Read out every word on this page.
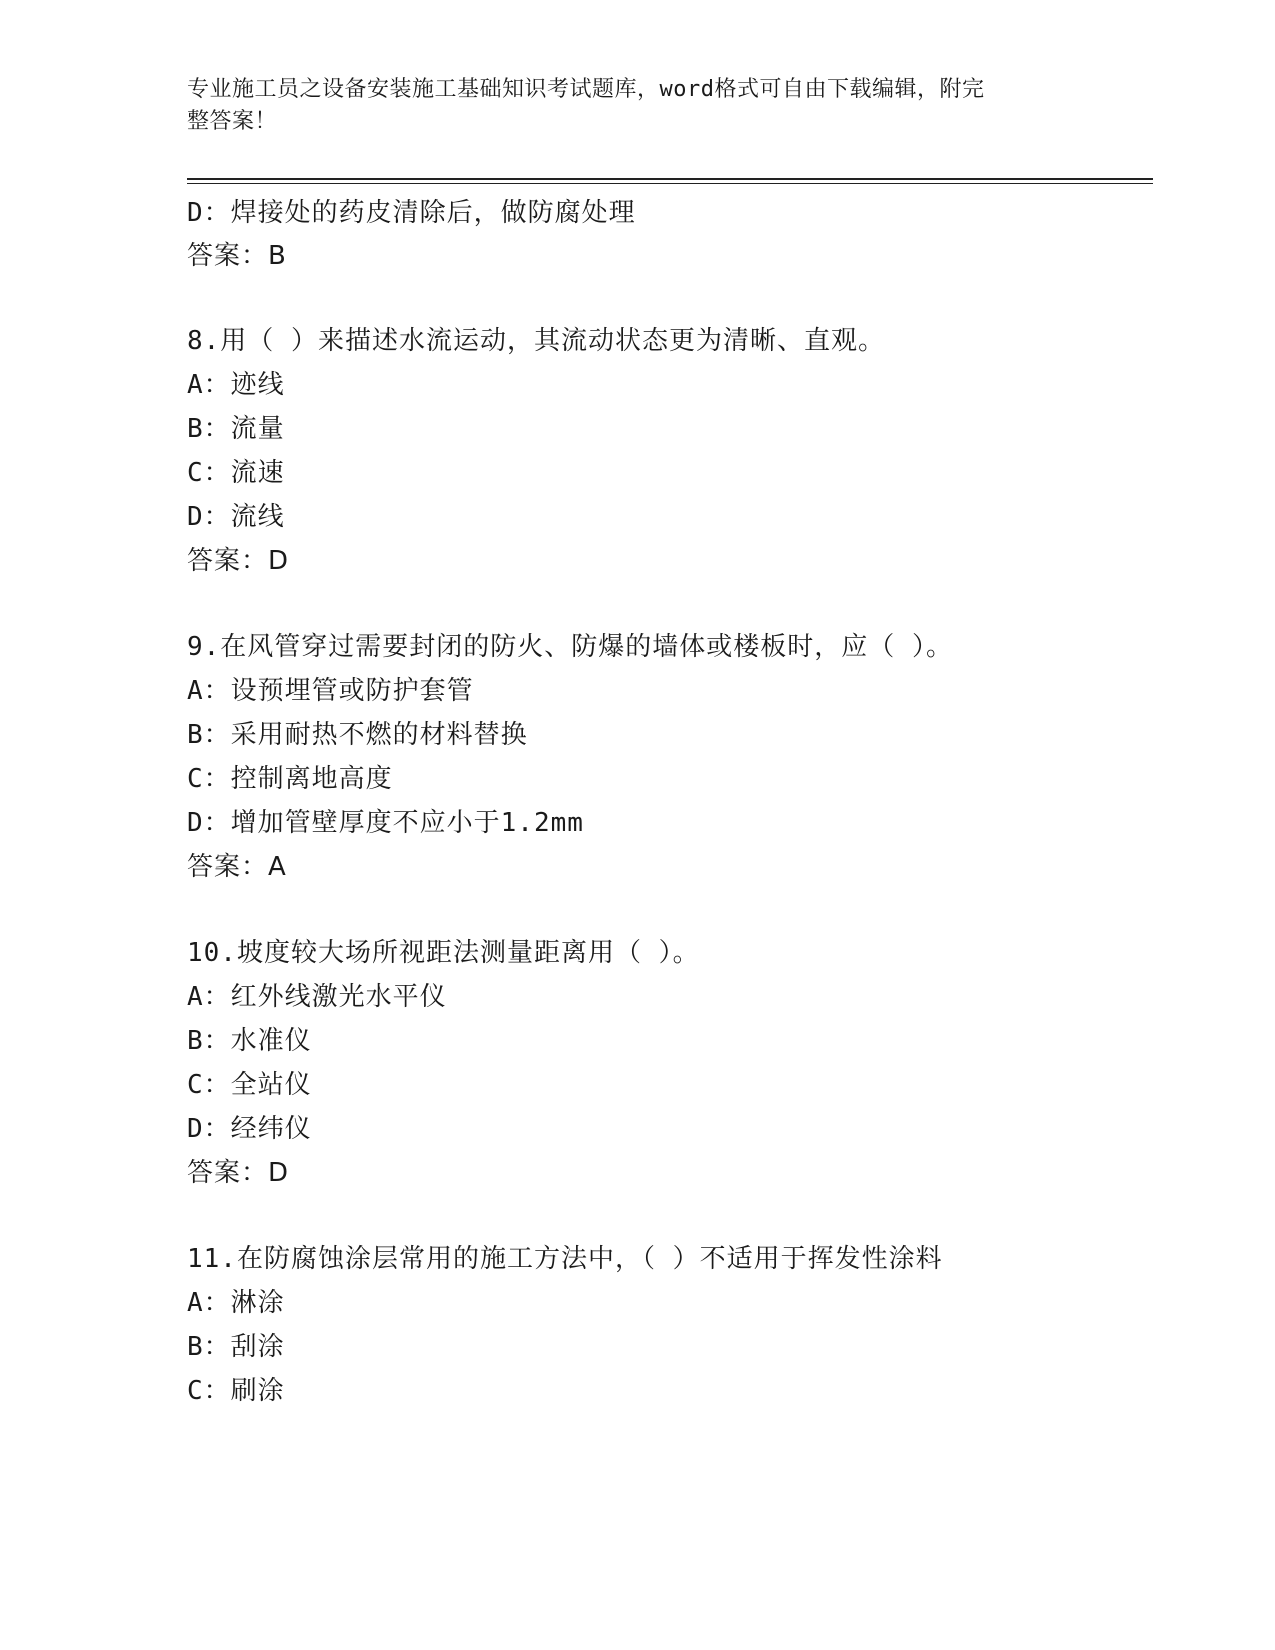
专业施工员之设备安装施工基础知识考试题库，word格式可自由下载编辑，附完
整答案！
D：焊接处的药皮清除后，做防腐处理
答案：B
8.用（ ）来描述水流运动，其流动状态更为清晰、直观。
A：迹线
B：流量
C：流速
D：流线
答案：D
9.在风管穿过需要封闭的防火、防爆的墙体或楼板时，应（ ）。
A：设预埋管或防护套管
B：采用耐热不燃的材料替换
C：控制离地高度
D：增加管壁厚度不应小于1.2mm
答案：A
10.坡度较大场所视距法测量距离用（ ）。
A：红外线激光水平仪
B：水准仪
C：全站仪
D：经纬仪
答案：D
11.在防腐蚀涂层常用的施工方法中，（ ）不适用于挥发性涂料
A：淋涂
B：刮涂
C：刷涂
